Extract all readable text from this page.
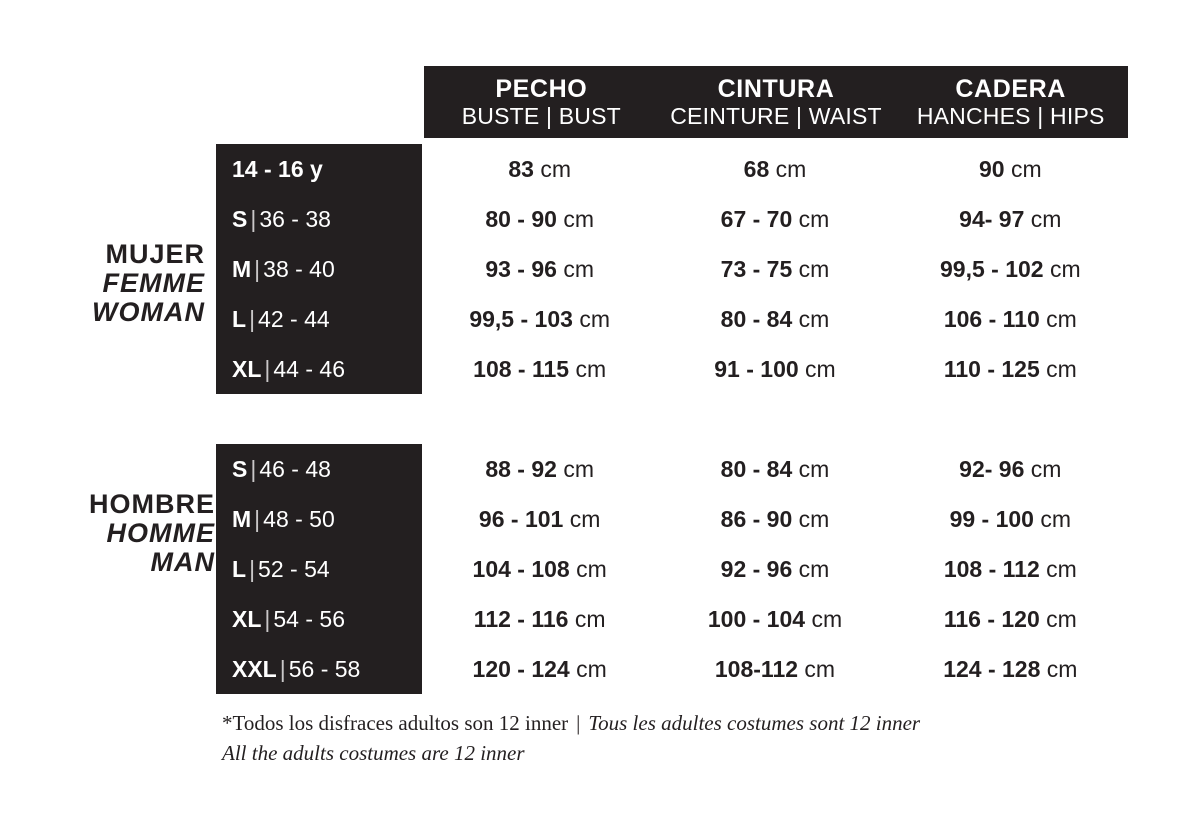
PECHO
BUSTE | BUST
CINTURA
CEINTURE | WAIST
CADERA
HANCHES | HIPS
MUJER
FEMME
WOMAN
14 - 16 y	83 cm	68 cm	90 cm
S | 36 - 38	80 - 90 cm	67 - 70 cm	94- 97 cm
M | 38 - 40	93 - 96 cm	73 - 75 cm	99,5 - 102 cm
L | 42 - 44	99,5 - 103 cm	80 - 84 cm	106 - 110 cm
XL | 44 - 46	108 - 115 cm	91 - 100 cm	110 - 125 cm
HOMBRE
HOMME
MAN
S | 46 - 48	88 - 92 cm	80 - 84 cm	92- 96 cm
M | 48 - 50	96 - 101 cm	86 - 90 cm	99 - 100 cm
L | 52 - 54	104 - 108 cm	92 - 96 cm	108 - 112 cm
XL | 54 - 56	112 - 116 cm	100 - 104 cm	116 - 120 cm
XXL | 56 - 58	120 - 124 cm	108-112 cm	124 - 128 cm
*Todos los disfraces adultos son 12 inner | Tous les adultes costumes sont 12 inner
All the adults costumes are 12 inner
